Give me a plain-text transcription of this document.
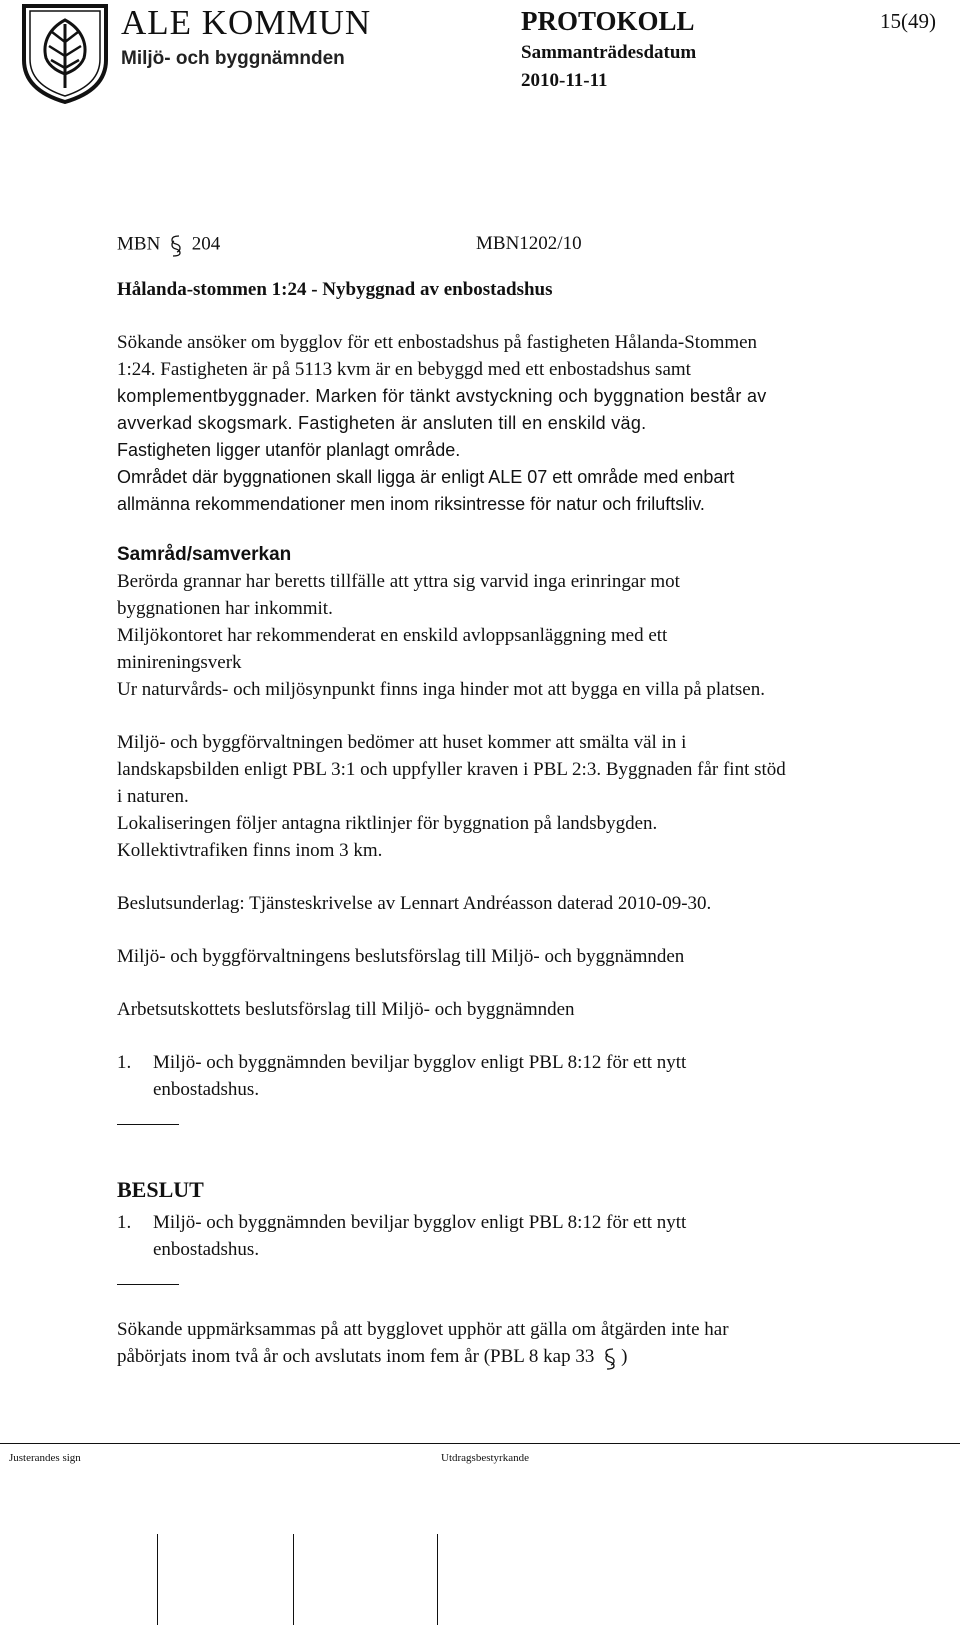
ALE KOMMUN
Miljö- och byggnämnden
PROTOKOLL
Sammanträdesdatum
2010-11-11
15(49)
MBN 204	MBN1202/10
Hålanda-stommen 1:24 - Nybyggnad av enbostadshus
Sökande ansöker om bygglov för ett enbostadshus på fastigheten Hålanda-Stommen
1:24. Fastigheten är på 5113 kvm är en bebyggd med ett enbostadshus samt
komplementbyggnader. Marken för tänkt avstyckning och byggnation består av
avverkad skogsmark. Fastigheten är ansluten till en enskild väg.
Fastigheten ligger utanför planlagt område.
Området där byggnationen skall ligga är enligt ALE 07 ett område med enbart
allmänna rekommendationer men inom riksintresse för natur och friluftsliv.
Samråd/samverkan
Berörda grannar har beretts tillfälle att yttra sig varvid inga erinringar mot
byggnationen har inkommit.
Miljökontoret har rekommenderat en enskild avloppsanläggning med ett
minireningsverk
Ur naturvårds- och miljösynpunkt finns inga hinder mot att bygga en villa på platsen.
Miljö- och byggförvaltningen bedömer att huset kommer att smälta väl in i
landskapsbilden enligt PBL 3:1 och uppfyller kraven i PBL 2:3. Byggnaden får fint stöd
i naturen.
Lokaliseringen följer antagna riktlinjer för byggnation på landsbygden.
Kollektivtrafiken finns inom 3 km.
Beslutsunderlag: Tjänsteskrivelse av Lennart Andréasson daterad 2010-09-30.
Miljö- och byggförvaltningens beslutsförslag till Miljö- och byggnämnden
Arbetsutskottets beslutsförslag till Miljö- och byggnämnden
1. Miljö- och byggnämnden beviljar bygglov enligt PBL 8:12 för ett nytt
enbostadshus.
BESLUT
1. Miljö- och byggnämnden beviljar bygglov enligt PBL 8:12 för ett nytt
enbostadshus.
Sökande uppmärksammas på att bygglovet upphör att gälla om åtgärden inte har
påbörjats inom två år och avslutats inom fem år (PBL 8 kap 33 )
Justerandes sign	Utdragsbestyrkande
